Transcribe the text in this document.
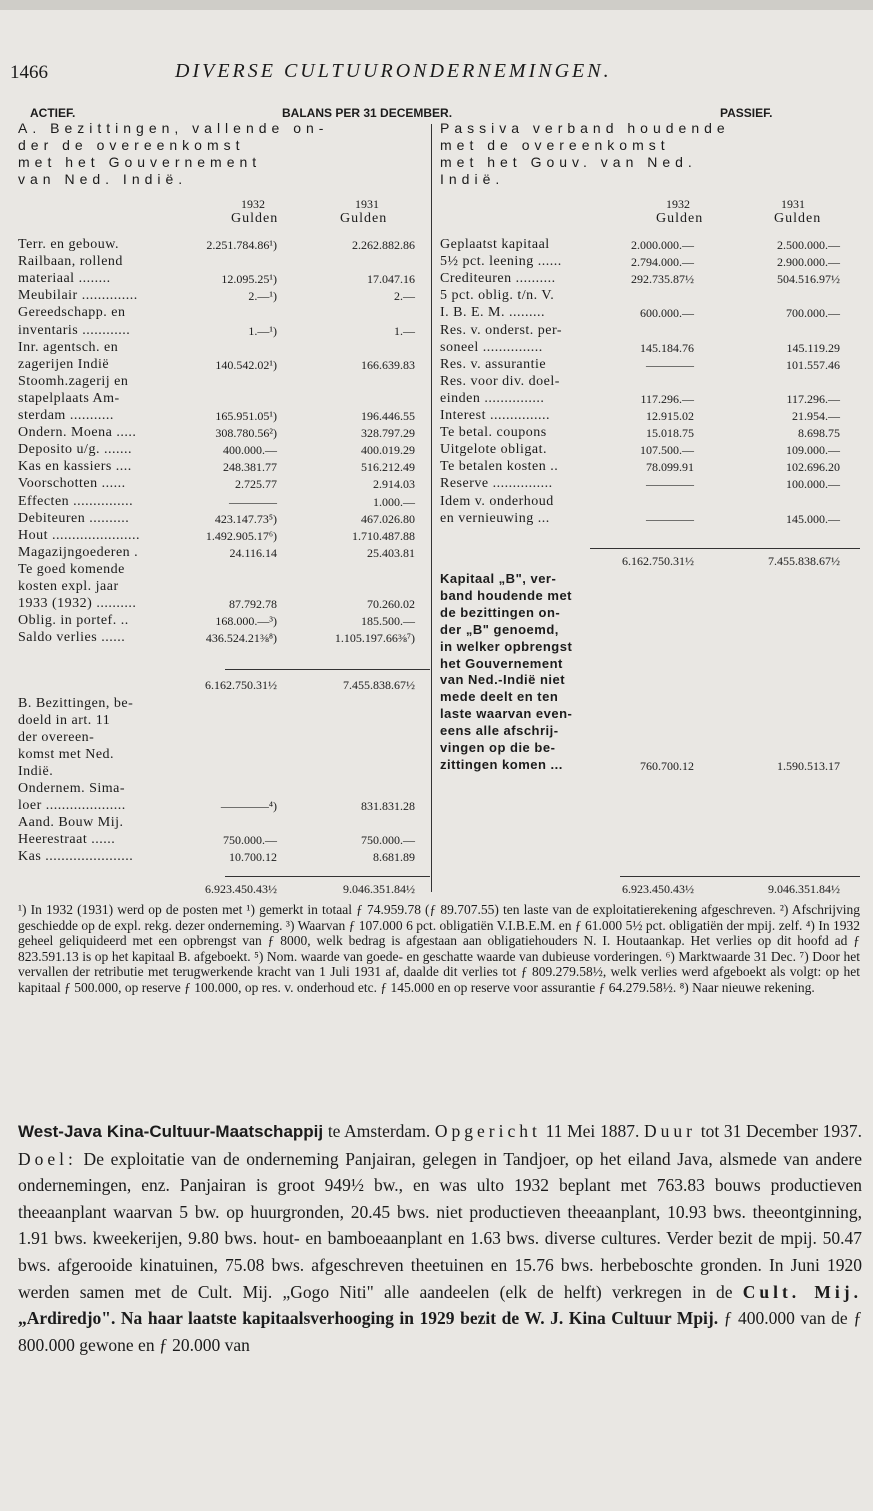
1466	DIVERSE CULTUURONDERNEMINGEN.
ACTIEF.	BALANS PER 31 DECEMBER.	PASSIEF.
A. Bezittingen, vallende on-
der de overeenkomst
met het Gouvernement
van Ned. Indië.
Passiva verband houdende
met de overeenkomst
met het Gouv. van Ned.
Indië.
1932	1931
Gulden	Gulden
1932	1931
Gulden	Gulden

¹) In 1932 (1931) werd op de posten met ¹) gemerkt in totaal ƒ 74.959.78 (ƒ 89.707.55) ten laste van de exploitatierekening afgeschreven. ²) Afschrijving geschiedde op de expl. rekg. dezer onderneming. ³) Waarvan ƒ 107.000 6 pct. obligatiën V.I.B.E.M. en ƒ 61.000 5½ pct. obligatiën der mpij. zelf. ⁴) In 1932 geheel geliquideerd met een opbrengst van ƒ 8000, welk bedrag is afgestaan aan obligatiehouders N. I. Houtaankap. Het verlies op dit hoofd ad ƒ 823.591.13 is op het kapitaal B. afgeboekt. ⁵) Nom. waarde van goede- en geschatte waarde van dubieuse vorderingen. ⁶) Marktwaarde 31 Dec. ⁷) Door het vervallen der retributie met terugwerkende kracht van 1 Juli 1931 af, daalde dit verlies tot ƒ 809.279.58½, welk verlies werd afgeboekt als volgt: op het kapitaal ƒ 500.000, op reserve ƒ 100.000, op res. v. onderhoud etc. ƒ 145.000 en op reserve voor assurantie ƒ 64.279.58½. ⁸) Naar nieuwe rekening.

West-Java Kina-Cultuur-Maatschappij te Amsterdam. Opgericht 11 Mei 1887. Duur tot 31 December 1937. Doel: De exploitatie van de onderneming Panjairan, gelegen in Tandjoer, op het eiland Java, alsmede van andere ondernemingen, enz. Panjairan is groot 949½ bw., en was ulto 1932 beplant met 763.83 bouws productieven theeaanplant waarvan 5 bw. op huurgronden, 20.45 bws. niet productieven theeaanplant, 10.93 bws. theeontginning, 1.91 bws. kweekerijen, 9.80 bws. hout- en bamboeaanplant en 1.63 bws. diverse cultures. Verder bezit de mpij. 50.47 bws. afgerooide kinatuinen, 75.08 bws. afgeschreven theetuinen en 15.76 bws. herbeboschte gronden. In Juni 1920 werden samen met de Cult. Mij. „Gogo Niti" alle aandeelen (elk de helft) verkregen in de Cult. Mij. „Ardiredjo". Na haar laatste kapitaalsverhooging in 1929 bezit de W. J. Kina Cultuur Mpij. ƒ 400.000 van de ƒ 800.000 gewone en ƒ 20.000 van
Terr. en gebouw.	2.251.784.86¹)	2.262.882.86
Railbaan, rollend
materiaal ........	12.095.25¹)	17.047.16
Meubilair ..............	2.—¹)	2.—
Gereedschapp. en
inventaris ............	1.—¹)	1.—
Inr. agentsch. en
zagerijen Indië	140.542.02¹)	166.639.83
Stoomh.zagerij en
stapelplaats Am-
sterdam ...........	165.951.05¹)	196.446.55
Ondern. Moena .....	308.780.56²)	328.797.29
Deposito u/g. .......	400.000.—	400.019.29
Kas en kassiers ....	248.381.77	516.212.49
Voorschotten ......	2.725.77	2.914.03
Effecten ...............	————	1.000.—
Debiteuren ..........	423.147.73⁵)	467.026.80
Hout ......................	1.492.905.17⁶)	1.710.487.88
Magazijngoederen .	24.116.14	25.403.81
Te goed komende
kosten expl. jaar
1933 (1932) ..........	87.792.78	70.260.02
Oblig. in portef. ..	168.000.—³)	185.500.—
Saldo verlies ......	436.524.21⅜⁸)	1.105.197.66⅜⁷)
6.162.750.31½	7.455.838.67½
B. Bezittingen, be-
doeld in art. 11
der overeen-
komst met Ned.
Indië.
Ondernem. Sima-
loer ....................	————⁴)	831.831.28
Aand. Bouw Mij.
Heerestraat ......	750.000.—	750.000.—
Kas ......................	10.700.12	8.681.89
6.923.450.43½	9.046.351.84½
Geplaatst kapitaal	2.000.000.—	2.500.000.—
5½ pct. leening ......	2.794.000.—	2.900.000.—
Crediteuren ..........	292.735.87½	504.516.97½
5 pct. oblig. t/n. V.
I. B. E. M. .........	600.000.—	700.000.—
Res. v. onderst. per-
soneel ...............	145.184.76	145.119.29
Res. v. assurantie	————	101.557.46
Res. voor div. doel-
einden ...............	117.296.—	117.296.—
Interest ...............	12.915.02	21.954.—
Te betal. coupons	15.018.75	8.698.75
Uitgelote obligat.	107.500.—	109.000.—
Te betalen kosten ..	78.099.91	102.696.20
Reserve ...............	————	100.000.—
Idem v. onderhoud
en vernieuwing ...	————	145.000.—
6.162.750.31½	7.455.838.67½
Kapitaal „B", ver-
band houdende met
de bezittingen on-
der „B" genoemd,
in welker opbrengst
het Gouvernement
van Ned.-Indië niet
mede deelt en ten
laste waarvan even-
eens alle afschrij-
vingen op die be-
zittingen komen ...	760.700.12	1.590.513.17
6.923.450.43½	9.046.351.84½
